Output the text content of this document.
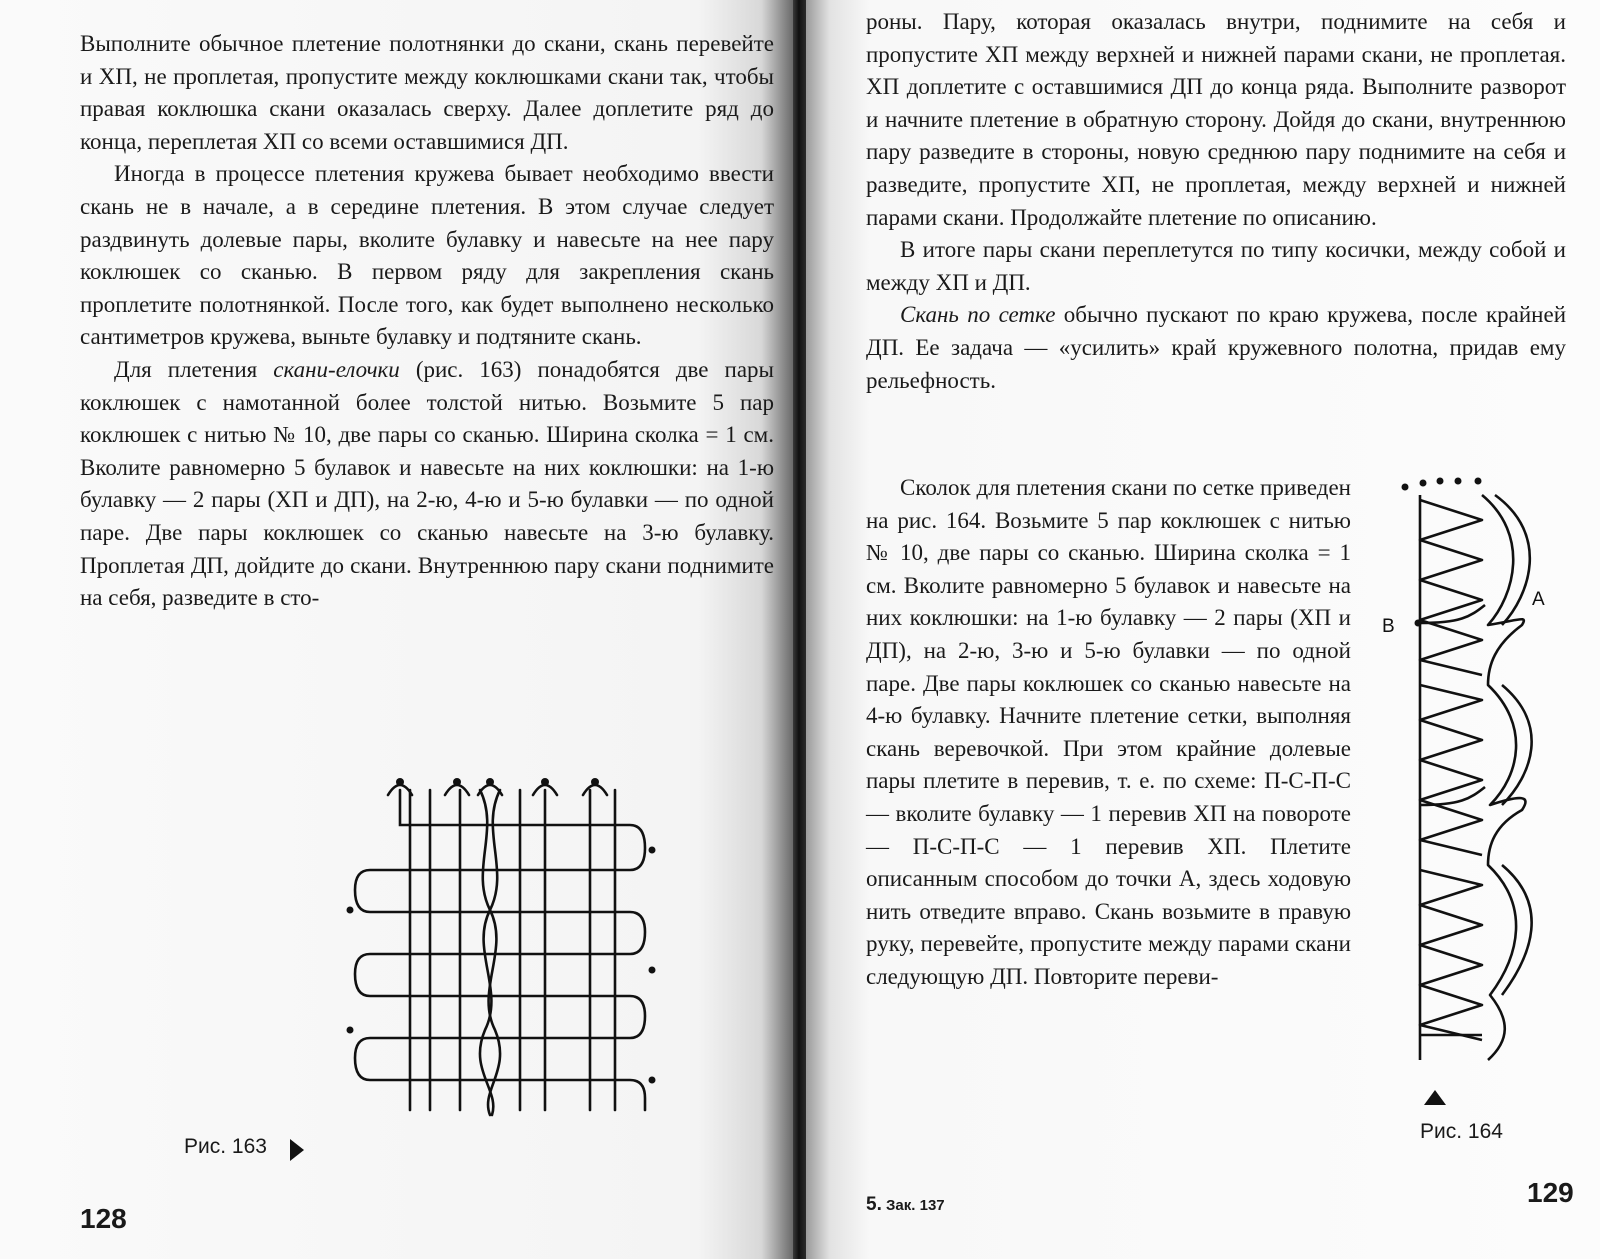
Выполните обычное плетение полотнянки до скани, скань перевейте и ХП, не проплетая, пропустите между коклюшками скани так, чтобы правая коклюшка скани оказалась сверху. Далее доплетите ряд до конца, переплетая ХП со всеми оставшимися ДП.

Иногда в процессе плетения кружева бывает необходимо ввести скань не в начале, а в середине плетения. В этом случае следует раздвинуть долевые пары, вколите булавку и навесьте на нее пару коклюшек со сканью. В первом ряду для закрепления скань проплетите полотнянкой. После того, как будет выполнено несколько сантиметров кружева, выньте булавку и подтяните скань.

Для плетения скани-елочки (рис. 163) понадобятся две пары коклюшек с намотанной более толстой нитью. Возьмите 5 пар коклюшек с нитью № 10, две пары со сканью. Ширина сколка = 1 см. Вколите равномерно 5 булавок и навесьте на них коклюшки: на 1-ю булавку — 2 пары (ХП и ДП), на 2-ю, 4-ю и 5-ю булавки — по одной паре. Две пары коклюшек со сканью навесьте на 3-ю булавку. Проплетая ДП, дойдите до скани. Внутреннюю пару скани поднимите на себя, разведите в сто-

Рис. 163
128

роны. Пару, которая оказалась внутри, поднимите на себя и пропустите ХП между верхней и нижней парами скани, не проплетая. ХП доплетите с оставшимися ДП до конца ряда. Выполните разворот и начните плетение в обратную сторону. Дойдя до скани, внутреннюю пару разведите в стороны, новую среднюю пару поднимите на себя и разведите, пропустите ХП, не проплетая, между верхней и нижней парами скани. Продолжайте плетение по описанию.

В итоге пары скани переплетутся по типу косички, между собой и между ХП и ДП.

Скань по сетке обычно пускают по краю кружева, после крайней ДП. Ее задача — «усилить» край кружевного полотна, придав ему рельефность.

Сколок для плетения скани по сетке приведен на рис. 164. Возьмите 5 пар коклюшек с нитью № 10, две пары со сканью. Ширина сколка = 1 см. Вколите равномерно 5 булавок и навесьте на них коклюшки: на 1-ю булавку — 2 пары (ХП и ДП), на 2-ю, 3-ю и 5-ю булавки — по одной паре. Две пары коклюшек со сканью навесьте на 4-ю булавку. Начните плетение сетки, выполняя скань веревочкой. При этом крайние долевые пары плетите в перевив, т. е. по схеме: П-С-П-С — вколите булавку — 1 перевив ХП на повороте — П-С-П-С — 1 перевив ХП. Плетите описанным способом до точки А, здесь ходовую нить отведите вправо. Скань возьмите в правую руку, перевейте, пропустите между парами скани следующую ДП. Повторите переви-

В
А
Рис. 164
5. Зак. 137	129
